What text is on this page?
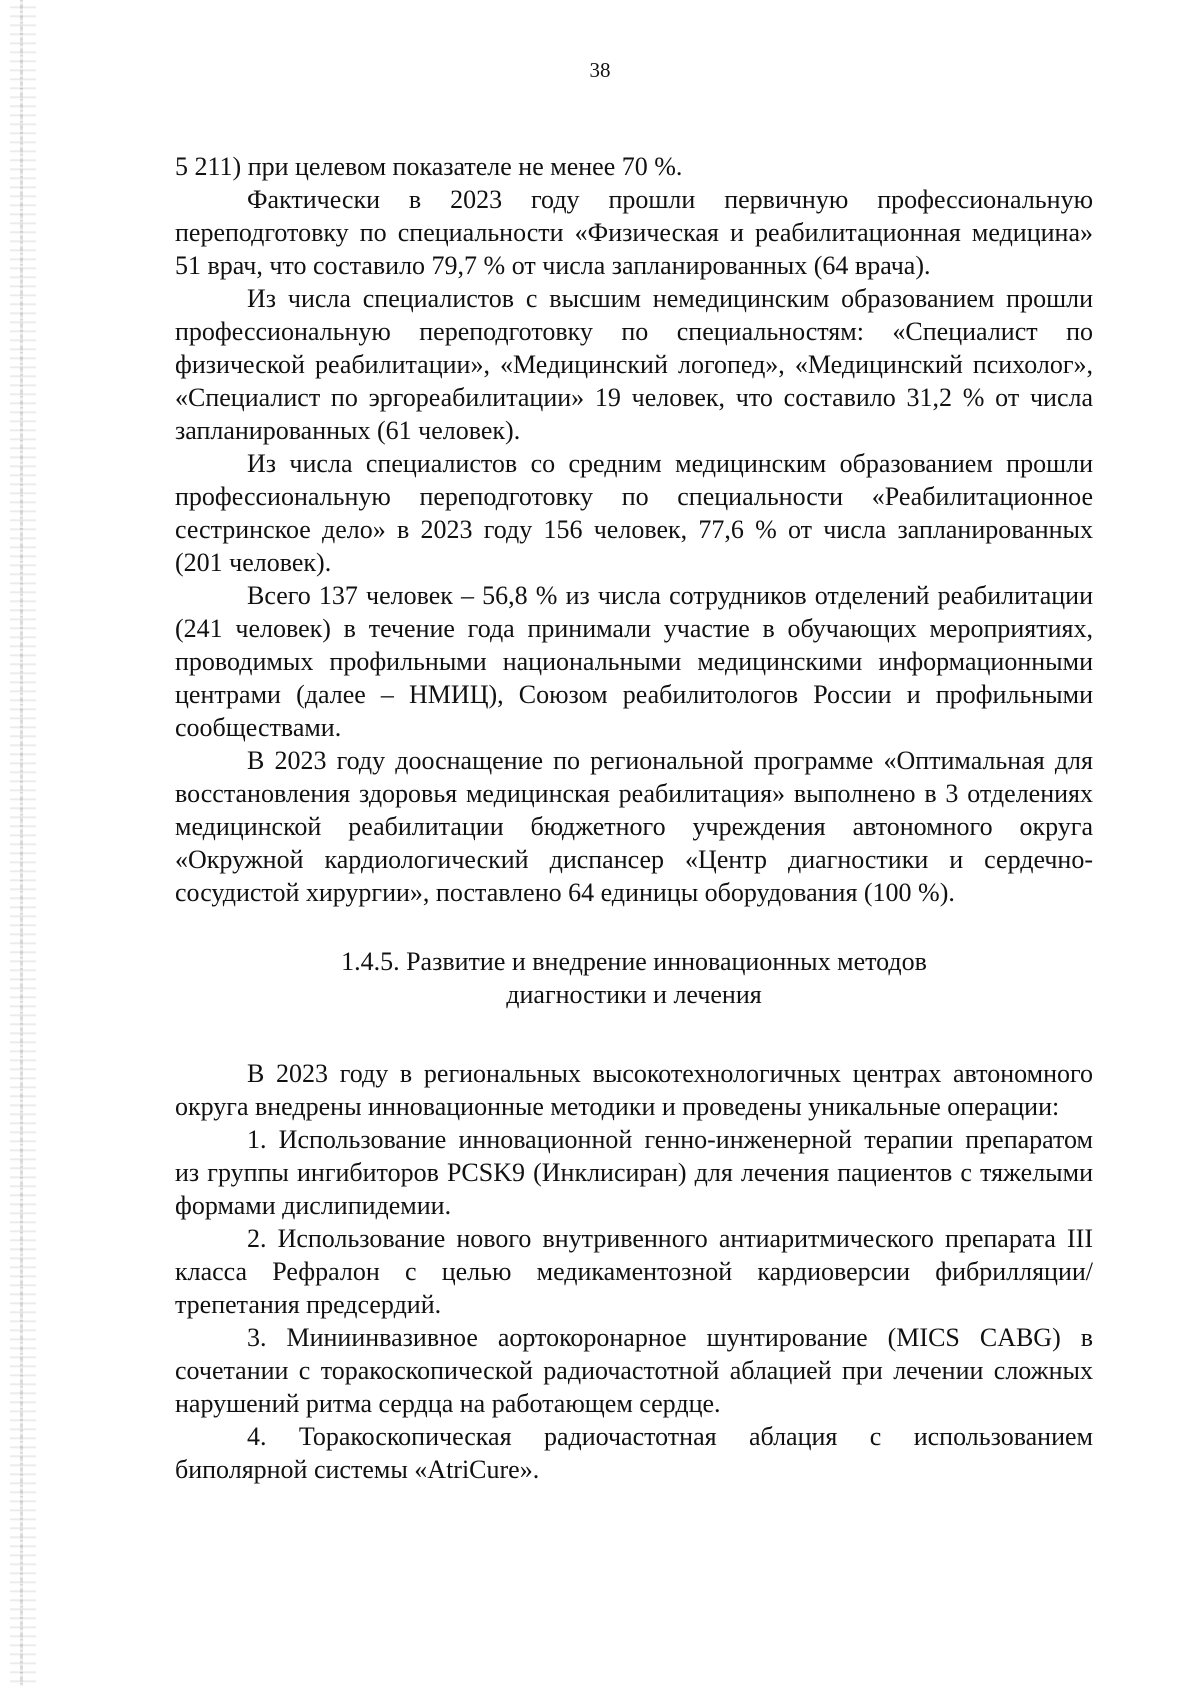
38

5 211) при целевом показателе не менее 70 %.

Фактически в 2023 году прошли первичную профессиональную переподготовку по специальности «Физическая и реабилитационная медицина» 51 врач, что составило 79,7 % от числа запланированных (64 врача).

Из числа специалистов с высшим немедицинским образованием прошли профессиональную переподготовку по специальностям: «Специалист по физической реабилитации», «Медицинский логопед», «Медицинский психолог», «Специалист по эргореабилитации» 19 человек, что составило 31,2 % от числа запланированных (61 человек).

Из числа специалистов со средним медицинским образованием прошли профессиональную переподготовку по специальности «Реабилитационное сестринское дело» в 2023 году 156 человек, 77,6 % от числа запланированных (201 человек).

Всего 137 человек – 56,8 % из числа сотрудников отделений реабилитации (241 человек) в течение года принимали участие в обучающих мероприятиях, проводимых профильными национальными медицинскими информационными центрами (далее – НМИЦ), Союзом реабилитологов России и профильными сообществами.

В 2023 году дооснащение по региональной программе «Оптимальная для восстановления здоровья медицинская реабилитация» выполнено в 3 отделениях медицинской реабилитации бюджетного учреждения автономного округа «Окружной кардиологический диспансер «Центр диагностики и сердечно-сосудистой хирургии», поставлено 64 единицы оборудования (100 %).

1.4.5. Развитие и внедрение инновационных методов
диагностики и лечения

В 2023 году в региональных высокотехнологичных центрах автономного округа внедрены инновационные методики и проведены уникальные операции:

1. Использование инновационной генно-инженерной терапии препаратом из группы ингибиторов PCSK9 (Инклисиран) для лечения пациентов с тяжелыми формами дислипидемии.

2. Использование нового внутривенного антиаритмического препарата III класса Рефралон с целью медикаментозной кардиоверсии фибрилляции/трепетания предсердий.

3. Миниинвазивное аортокоронарное шунтирование (MICS CABG) в сочетании с торакоскопической радиочастотной аблацией при лечении сложных нарушений ритма сердца на работающем сердце.

4. Торакоскопическая радиочастотная аблация с использованием биполярной системы «AtriCure».
